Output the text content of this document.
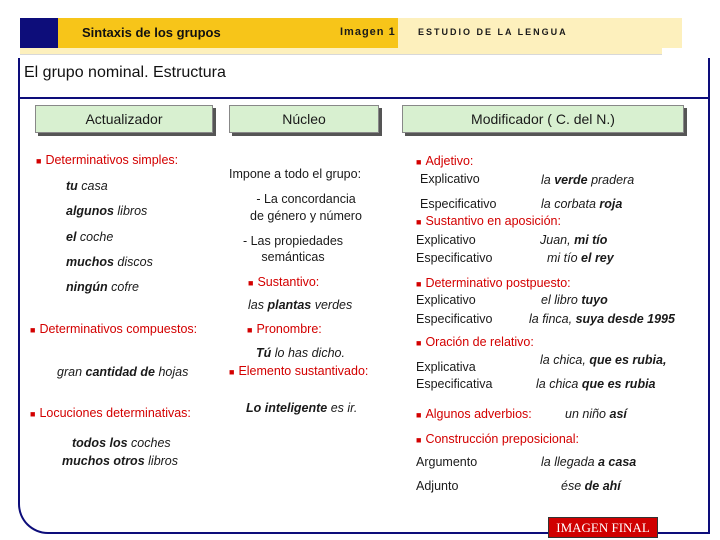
Sintaxis de los grupos	Imagen 1 ESTUDIO DE LA LENGUA
El grupo nominal. Estructura
Actualizador	Núcleo	Modificador ( C. del N.)
■ Determinativos simples:
tu casa
algunos libros
el coche
muchos discos
ningún cofre
■ Determinativos compuestos:
gran cantidad de hojas
■ Locuciones determinativas:
todos los coches
muchos otros libros
Impone a todo el grupo:
- La concordancia
de género y número
- Las propiedades
semánticas
■ Sustantivo:
las plantas verdes
■ Pronombre:
Tú lo has dicho.
■ Elemento sustantivado:
Lo inteligente es ir.
■ Adjetivo:
Explicativo	la verde pradera
Especificativo	la corbata roja
■ Sustantivo en aposición:
Explicativo	Juan, mi tío
Especificativo	mi tío el rey
■ Determinativo postpuesto:
Explicativo	el libro tuyo
Especificativo	la finca, suya desde 1995
■ Oración de relativo:
Explicativa	la chica, que es rubia,
Especificativa	la chica que es rubia
■ Algunos adverbios:	un niño así
■ Construcción preposicional:
Argumento	la llegada a casa
Adjunto	ése de ahí
IMAGEN FINAL
